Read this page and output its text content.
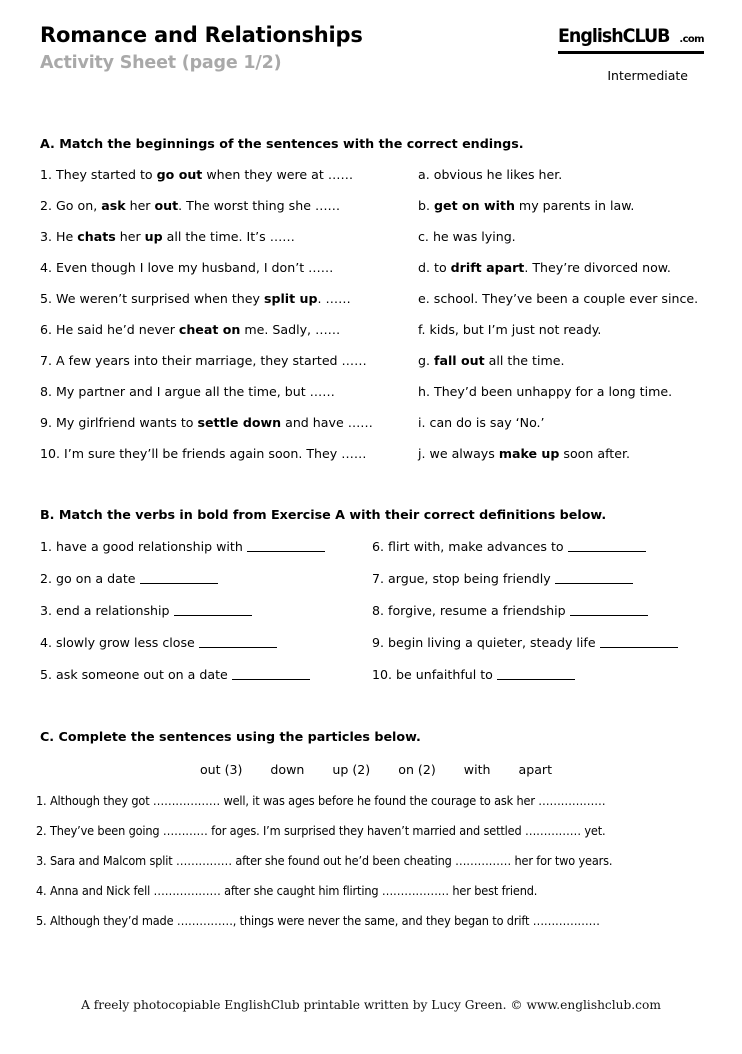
Romance and Relationships
Activity Sheet (page 1/2)
EnglishCLUB .com
Intermediate
A. Match the beginnings of the sentences with the correct endings.
1. They started to go out when they were at ……	a. obvious he likes her.
2. Go on, ask her out. The worst thing she ……	b. get on with my parents in law.
3. He chats her up all the time. It’s ……	c. he was lying.
4. Even though I love my husband, I don’t ……	d. to drift apart. They’re divorced now.
5. We weren’t surprised when they split up. ……	e. school. They’ve been a couple ever since.
6. He said he’d never cheat on me. Sadly, ……	f. kids, but I’m just not ready.
7. A few years into their marriage, they started ……	g. fall out all the time.
8. My partner and I argue all the time, but ……	h. They’d been unhappy for a long time.
9. My girlfriend wants to settle down and have ……	i. can do is say ‘No.’
10. I’m sure they’ll be friends again soon. They ……	j. we always make up soon after.
B. Match the verbs in bold from Exercise A with their correct definitions below.
1. have a good relationship with	6. flirt with, make advances to
2. go on a date	7. argue, stop being friendly
3. end a relationship	8. forgive, resume a friendship
4. slowly grow less close	9. begin living a quieter, steady life
5. ask someone out on a date	10. be unfaithful to
C. Complete the sentences using the particles below.
out (3) down up (2) on (2) with apart
1. Although they got ……………… well, it was ages before he found the courage to ask her ………………
2. They’ve been going ………… for ages. I’m surprised they haven’t married and settled …………… yet.
3. Sara and Malcom split …………… after she found out he’d been cheating …………… her for two years.
4. Anna and Nick fell ……………… after she caught him flirting ……………… her best friend.
5. Although they’d made ……………, things were never the same, and they began to drift ………………
A freely photocopiable EnglishClub printable written by Lucy Green. © www.englishclub.com
